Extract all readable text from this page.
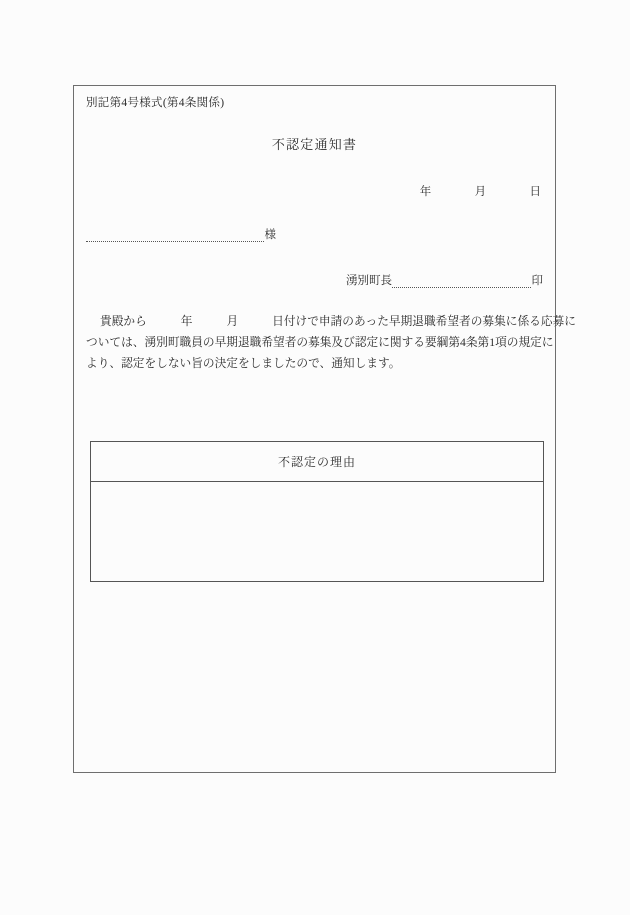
別記第4号様式(第4条関係)
不認定通知書
年	月	日
様
湧別町長	印

貴殿から	年	月	日付けで申請のあった早期退職希望者の募集に係る応募に

ついては、湧別町職員の早期退職希望者の募集及び認定に関する要綱第4条第1項の規定に

より、認定をしない旨の決定をしましたので、通知します。

不認定の理由
